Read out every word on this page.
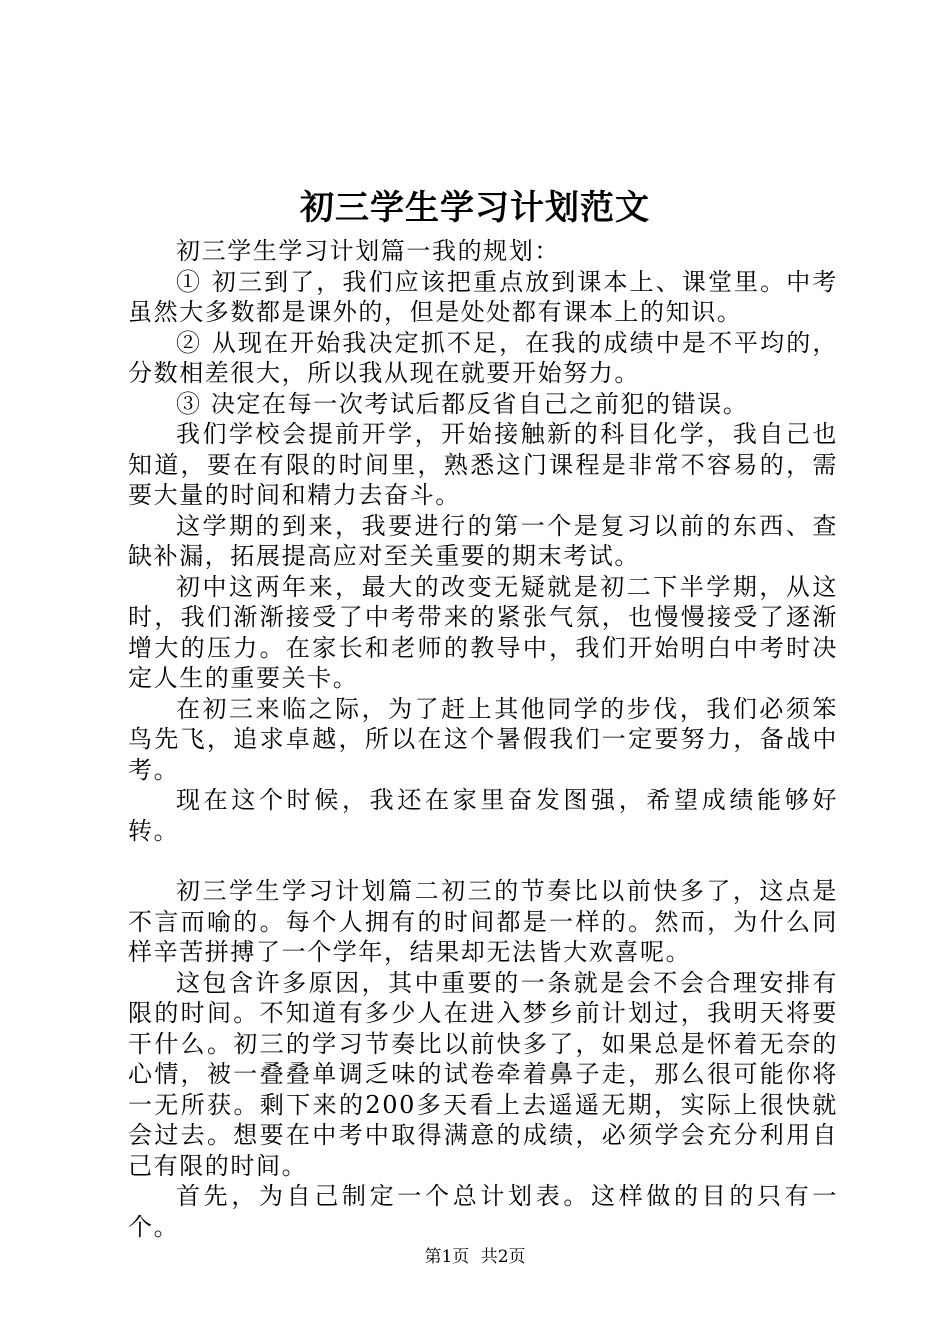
初三学生学习计划范文

初三学生学习计划篇一我的规划：

① 初三到了，我们应该把重点放到课本上、课堂里。中考虽然大多数都是课外的，但是处处都有课本上的知识。

② 从现在开始我决定抓不足，在我的成绩中是不平均的，分数相差很大，所以我从现在就要开始努力。

③ 决定在每一次考试后都反省自己之前犯的错误。

我们学校会提前开学，开始接触新的科目化学，我自己也知道，要在有限的时间里，熟悉这门课程是非常不容易的，需要大量的时间和精力去奋斗。

这学期的到来，我要进行的第一个是复习以前的东西、查缺补漏，拓展提高应对至关重要的期末考试。

初中这两年来，最大的改变无疑就是初二下半学期，从这时，我们渐渐接受了中考带来的紧张气氛，也慢慢接受了逐渐增大的压力。在家长和老师的教导中，我们开始明白中考时决定人生的重要关卡。

在初三来临之际，为了赶上其他同学的步伐，我们必须笨鸟先飞，追求卓越，所以在这个暑假我们一定要努力，备战中考。

现在这个时候，我还在家里奋发图强，希望成绩能够好转。

初三学生学习计划篇二初三的节奏比以前快多了，这点是不言而喻的。每个人拥有的时间都是一样的。然而，为什么同样辛苦拼搏了一个学年，结果却无法皆大欢喜呢。

这包含许多原因，其中重要的一条就是会不会合理安排有限的时间。不知道有多少人在进入梦乡前计划过，我明天将要干什么。初三的学习节奏比以前快多了，如果总是怀着无奈的心情，被一叠叠单调乏味的试卷牵着鼻子走，那么很可能你将一无所获。剩下来的200多天看上去遥遥无期，实际上很快就会过去。想要在中考中取得满意的成绩，必须学会充分利用自己有限的时间。

首先，为自己制定一个总计划表。这样做的目的只有一个。

第1页 共2页
